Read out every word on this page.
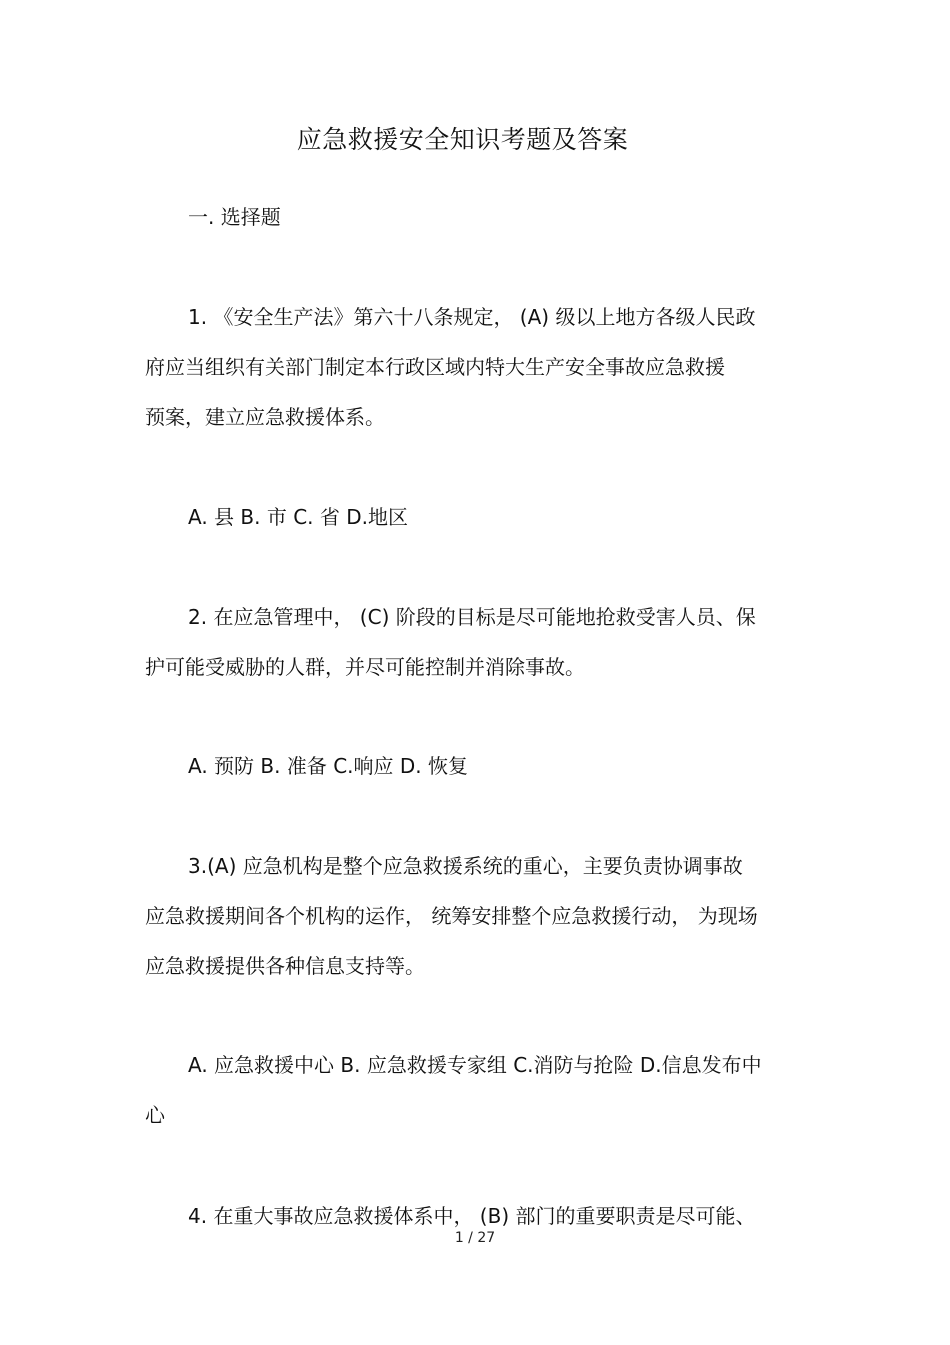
应急救援安全知识考题及答案

一. 选择题

1. 《安全生产法》第六十八条规定， (A) 级以上地方各级人民政

府应当组织有关部门制定本行政区域内特大生产安全事故应急救援

预案，建立应急救援体系。

A. 县 B. 市 C. 省 D.地区

2. 在应急管理中， (C) 阶段的目标是尽可能地抢救受害人员、保

护可能受威胁的人群，并尽可能控制并消除事故。

A. 预防 B. 准备 C.响应 D. 恢复

3.(A) 应急机构是整个应急救援系统的重心，主要负责协调事故

应急救援期间各个机构的运作， 统筹安排整个应急救援行动， 为现场

应急救援提供各种信息支持等。

A. 应急救援中心 B. 应急救援专家组 C.消防与抢险 D.信息发布中

心

4. 在重大事故应急救援体系中， (B) 部门的重要职责是尽可能、

1 / 27
